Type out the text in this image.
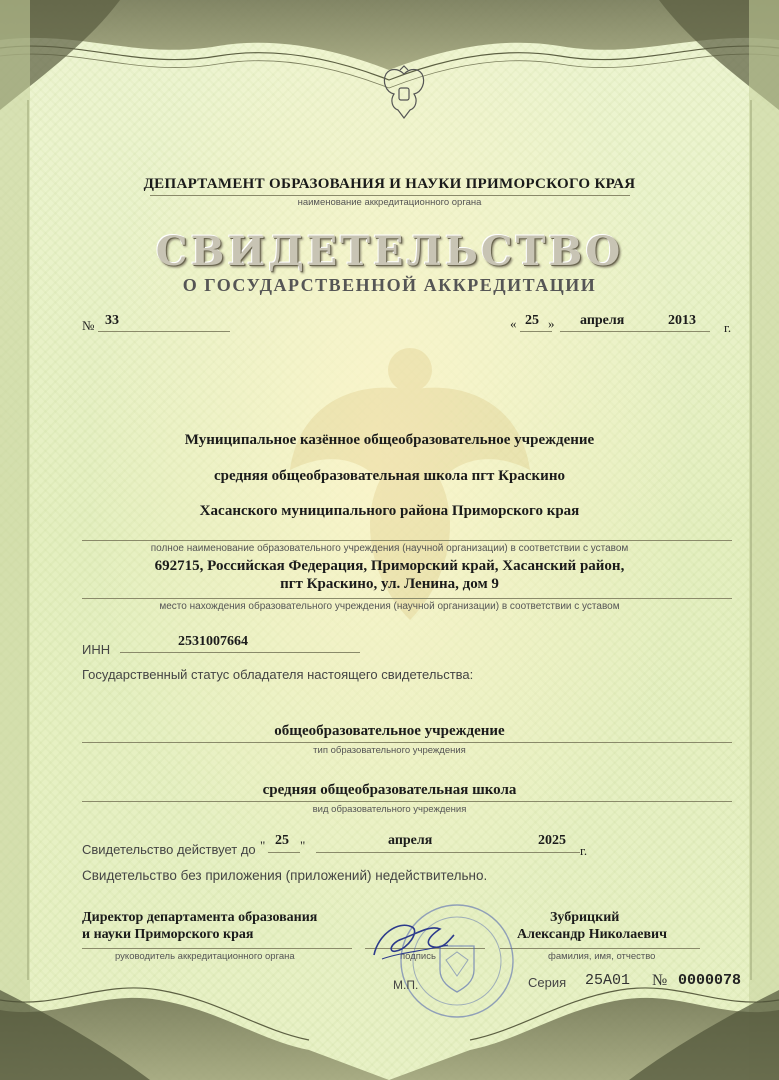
ДЕПАРТАМЕНТ ОБРАЗОВАНИЯ И НАУКИ ПРИМОРСКОГО КРАЯ
наименование аккредитационного органа
СВИДЕТЕЛЬСТВО
О ГОСУДАРСТВЕННОЙ АККРЕДИТАЦИИ
№ 33	« 25 » апреля	2013 г.
Муниципальное казённое общеобразовательное учреждение
средняя общеобразовательная школа пгт Краскино
Хасанского муниципального района Приморского края
полное наименование образовательного учреждения (научной организации) в соответствии с уставом
692715, Российская Федерация, Приморский край, Хасанский район,
пгт Краскино, ул. Ленина, дом 9
место нахождения образовательного учреждения (научной организации) в соответствии с уставом
ИНН
2531007664
Государственный статус обладателя настоящего свидетельства:
общеобразовательное учреждение
тип образовательного учреждения
средняя общеобразовательная школа
вид образовательного учреждения
Свидетельство действует до " 25 "	апреля	2025
г.
Свидетельство без приложения (приложений) недействительно.
Директор департамента образования
и науки Приморского края
руководитель аккредитационного органа	подпись
Зубрицкий
Александр Николаевич
фамилия, имя, отчество
М.П.	Серия 25А01 № 0000078
